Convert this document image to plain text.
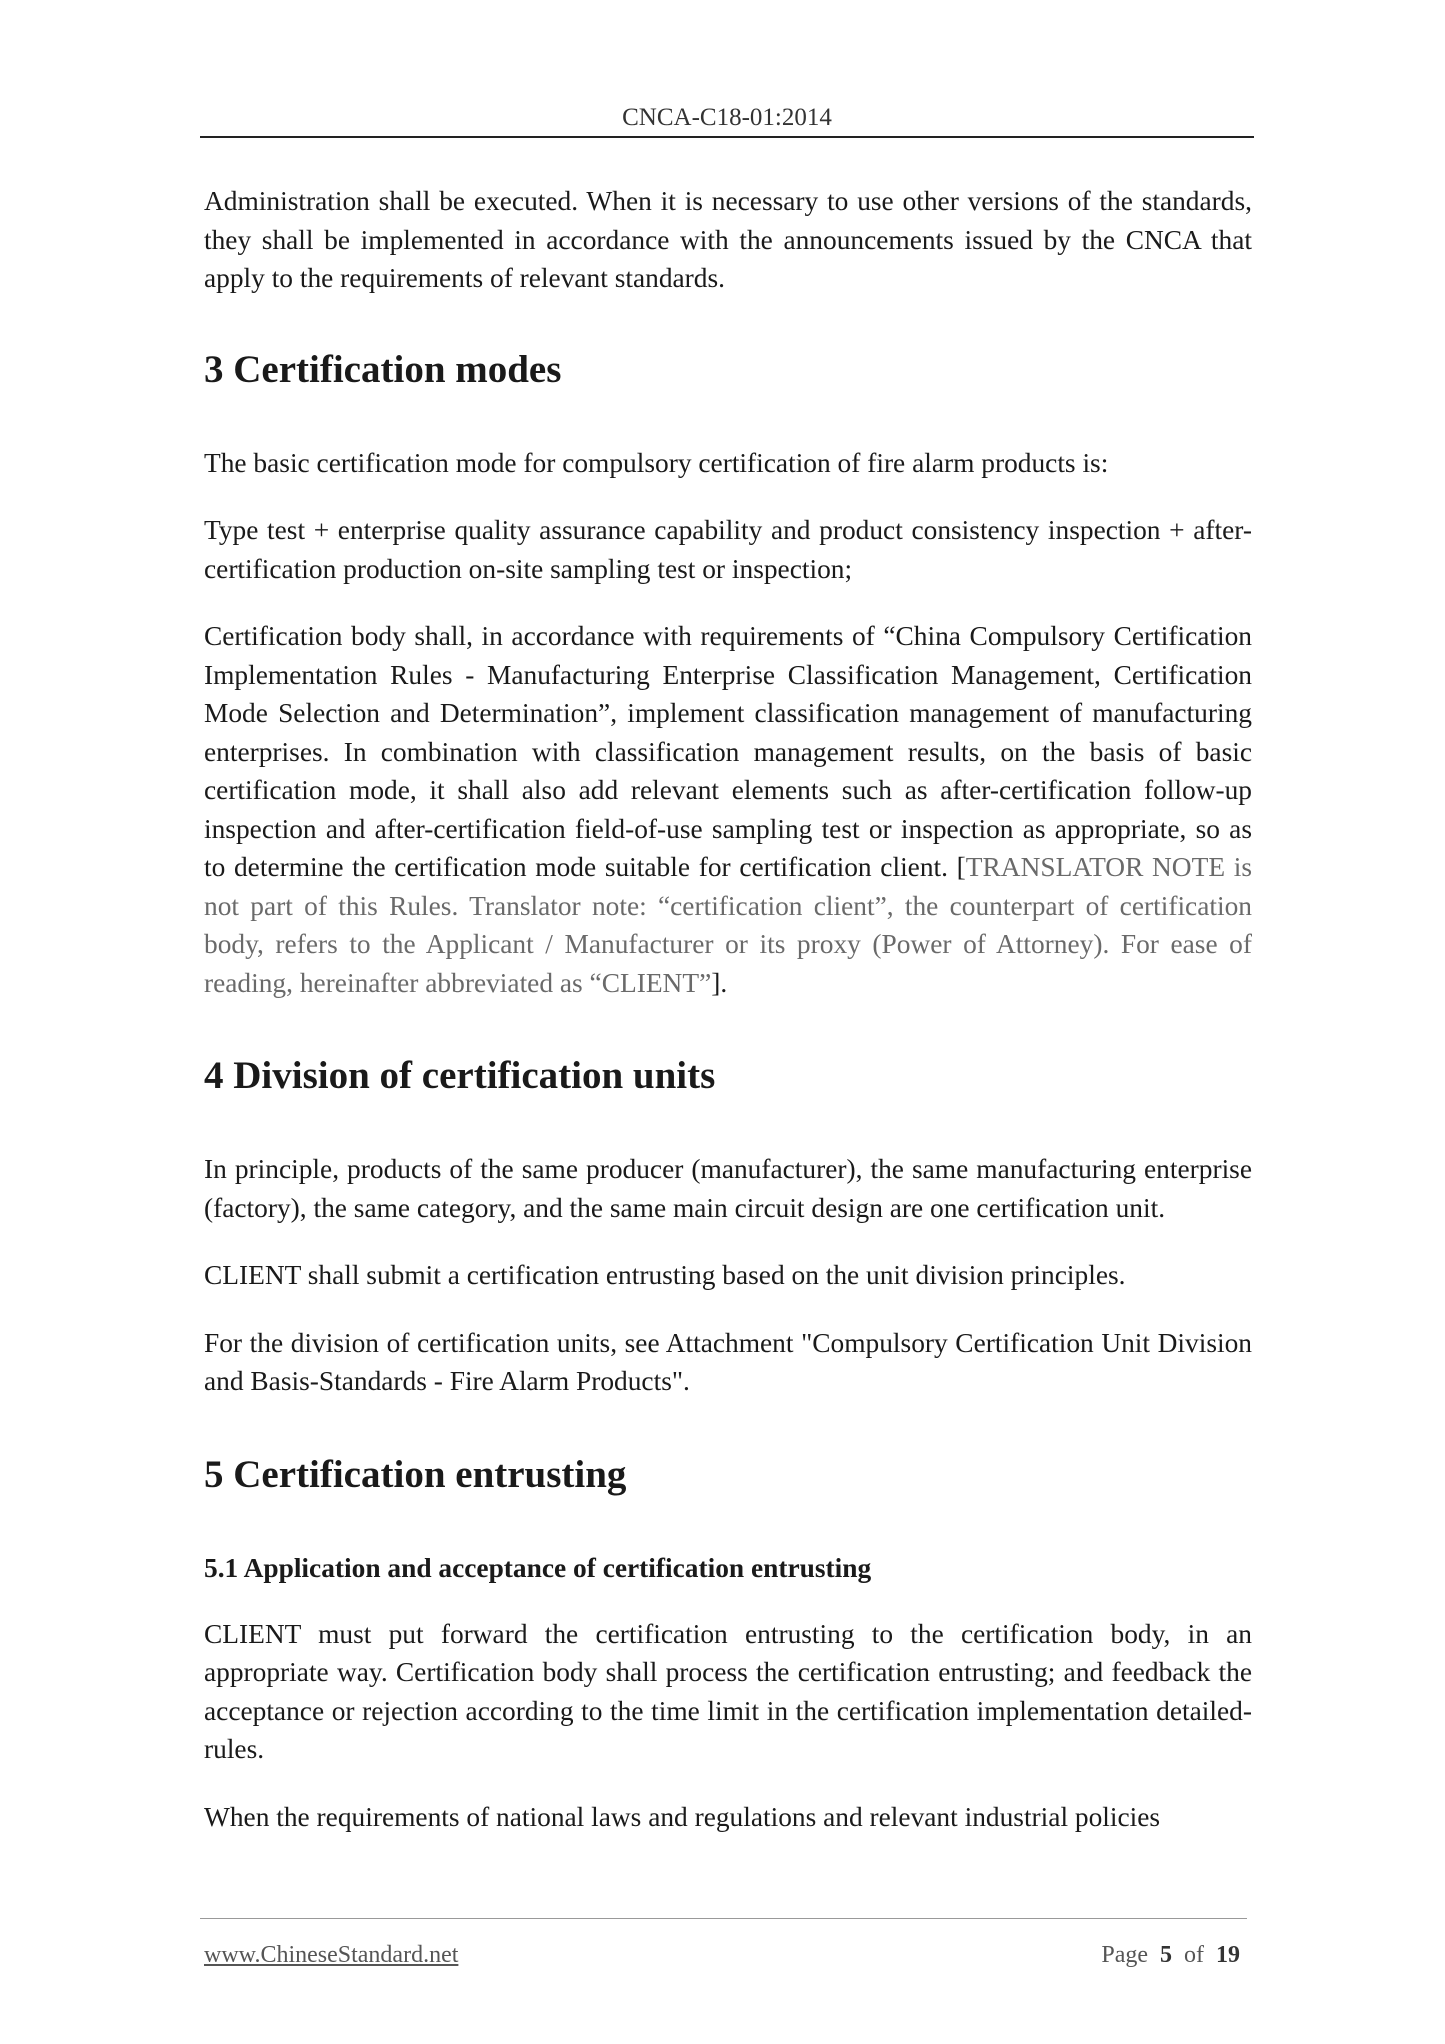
CNCA-C18-01:2014

Administration shall be executed. When it is necessary to use other versions of the standards, they shall be implemented in accordance with the announcements issued by the CNCA that apply to the requirements of relevant standards.

3 Certification modes

The basic certification mode for compulsory certification of fire alarm products is:

Type test + enterprise quality assurance capability and product consistency inspection + after-certification production on-site sampling test or inspection;

Certification body shall, in accordance with requirements of “China Compulsory Certification Implementation Rules - Manufacturing Enterprise Classification Management, Certification Mode Selection and Determination”, implement classification management of manufacturing enterprises. In combination with classification management results, on the basis of basic certification mode, it shall also add relevant elements such as after-certification follow-up inspection and after-certification field-of-use sampling test or inspection as appropriate, so as to determine the certification mode suitable for certification client. [TRANSLATOR NOTE is not part of this Rules. Translator note: “certification client”, the counterpart of certification body, refers to the Applicant / Manufacturer or its proxy (Power of Attorney). For ease of reading, hereinafter abbreviated as “CLIENT”].

4 Division of certification units

In principle, products of the same producer (manufacturer), the same manufacturing enterprise (factory), the same category, and the same main circuit design are one certification unit.

CLIENT shall submit a certification entrusting based on the unit division principles.

For the division of certification units, see Attachment "Compulsory Certification Unit Division and Basis-Standards - Fire Alarm Products".

5 Certification entrusting
5.1 Application and acceptance of certification entrusting

CLIENT must put forward the certification entrusting to the certification body, in an appropriate way. Certification body shall process the certification entrusting; and feedback the acceptance or rejection according to the time limit in the certification implementation detailed-rules.

When the requirements of national laws and regulations and relevant industrial policies

www.ChineseStandard.net	Page 5 of 19
